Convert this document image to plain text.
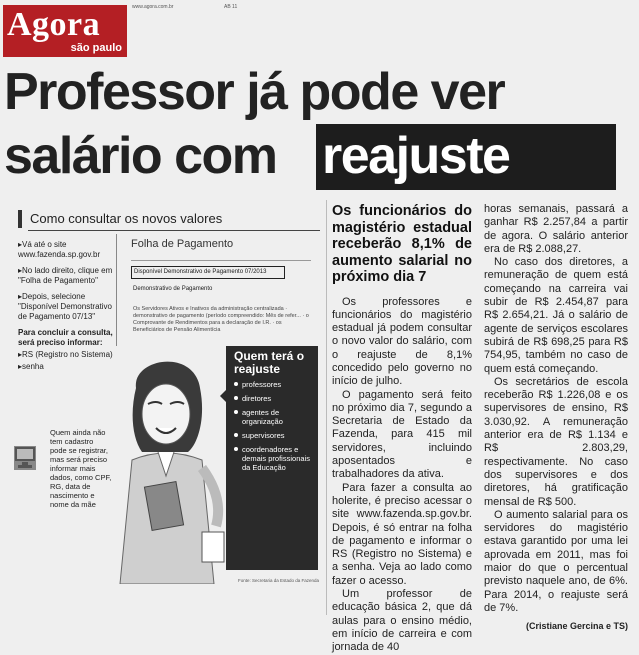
Agora
são paulo
www.agora.com.br	AB 11
Professor já pode ver
salário com reajuste
Como consultar os novos valores
▸ Vá até o site www.fazenda.sp.gov.br
▸ No lado direito, clique em "Folha de Pagamento"
▸ Depois, selecione "Disponível Demonstrativo de Pagamento 07/13"
Para concluir a consulta, será preciso informar:
▸ RS (Registro no Sistema)
▸ senha
Folha de Pagamento
Disponível Demonstrativo de Pagamento 07/2013
Demonstrativo de Pagamento
Os Servidores Ativos e Inativos da administração centralizada · demonstrativo de pagamento (período compreendido: Mês de refer... · o Comprovante de Rendimentos para a declaração de I.R. · os Beneficiários de Pensão Alimentícia
Quem ainda não tem cadastro pode se registrar, mas será preciso informar mais dados, como CPF, RG, data de nascimento e nome da mãe
Quem terá o reajuste
professores
diretores
agentes de organização
supervisores
coordenadores e demais profissionais da Educação
Fonte: Secretaria da Estado da Fazenda
Os funcionários do magistério estadual receberão 8,1% de aumento salarial no próximo dia 7

Os professores e funcionários do magistério estadual já podem consultar o novo valor do salário, com o reajuste de 8,1% concedido pelo governo no início de julho.

O pagamento será feito no próximo dia 7, segundo a Secretaria de Estado da Fazenda, para 415 mil servidores, incluindo aposentados e trabalhadores da ativa.

Para fazer a consulta ao holerite, é preciso acessar o site www.fazenda.sp.gov.br. Depois, é só entrar na folha de pagamento e informar o RS (Registro no Sistema) e a senha. Veja ao lado como fazer o acesso.

Um professor de educação básica 2, que dá aulas para o ensino médio, em início de carreira e com jornada de 40

horas semanais, passará a ganhar R$ 2.257,84 a partir de agora. O salário anterior era de R$ 2.088,27.

No caso dos diretores, a remuneração de quem está começando na carreira vai subir de R$ 2.454,87 para R$ 2.654,21. Já o salário de agente de serviços escolares subirá de R$ 698,25 para R$ 754,95, também no caso de quem está começando.

Os secretários de escola receberão R$ 1.226,08 e os supervisores de ensino, R$ 3.030,92. A remuneração anterior era de R$ 1.134 e R$ 2.803,29, respectivamente. No caso dos supervisores e dos diretores, há gratificação mensal de R$ 500.

O aumento salarial para os servidores do magistério estava garantido por uma lei aprovada em 2011, mas foi maior do que o percentual previsto naquele ano, de 6%. Para 2014, o reajuste será de 7%.

(Cristiane Gercina e TS)
